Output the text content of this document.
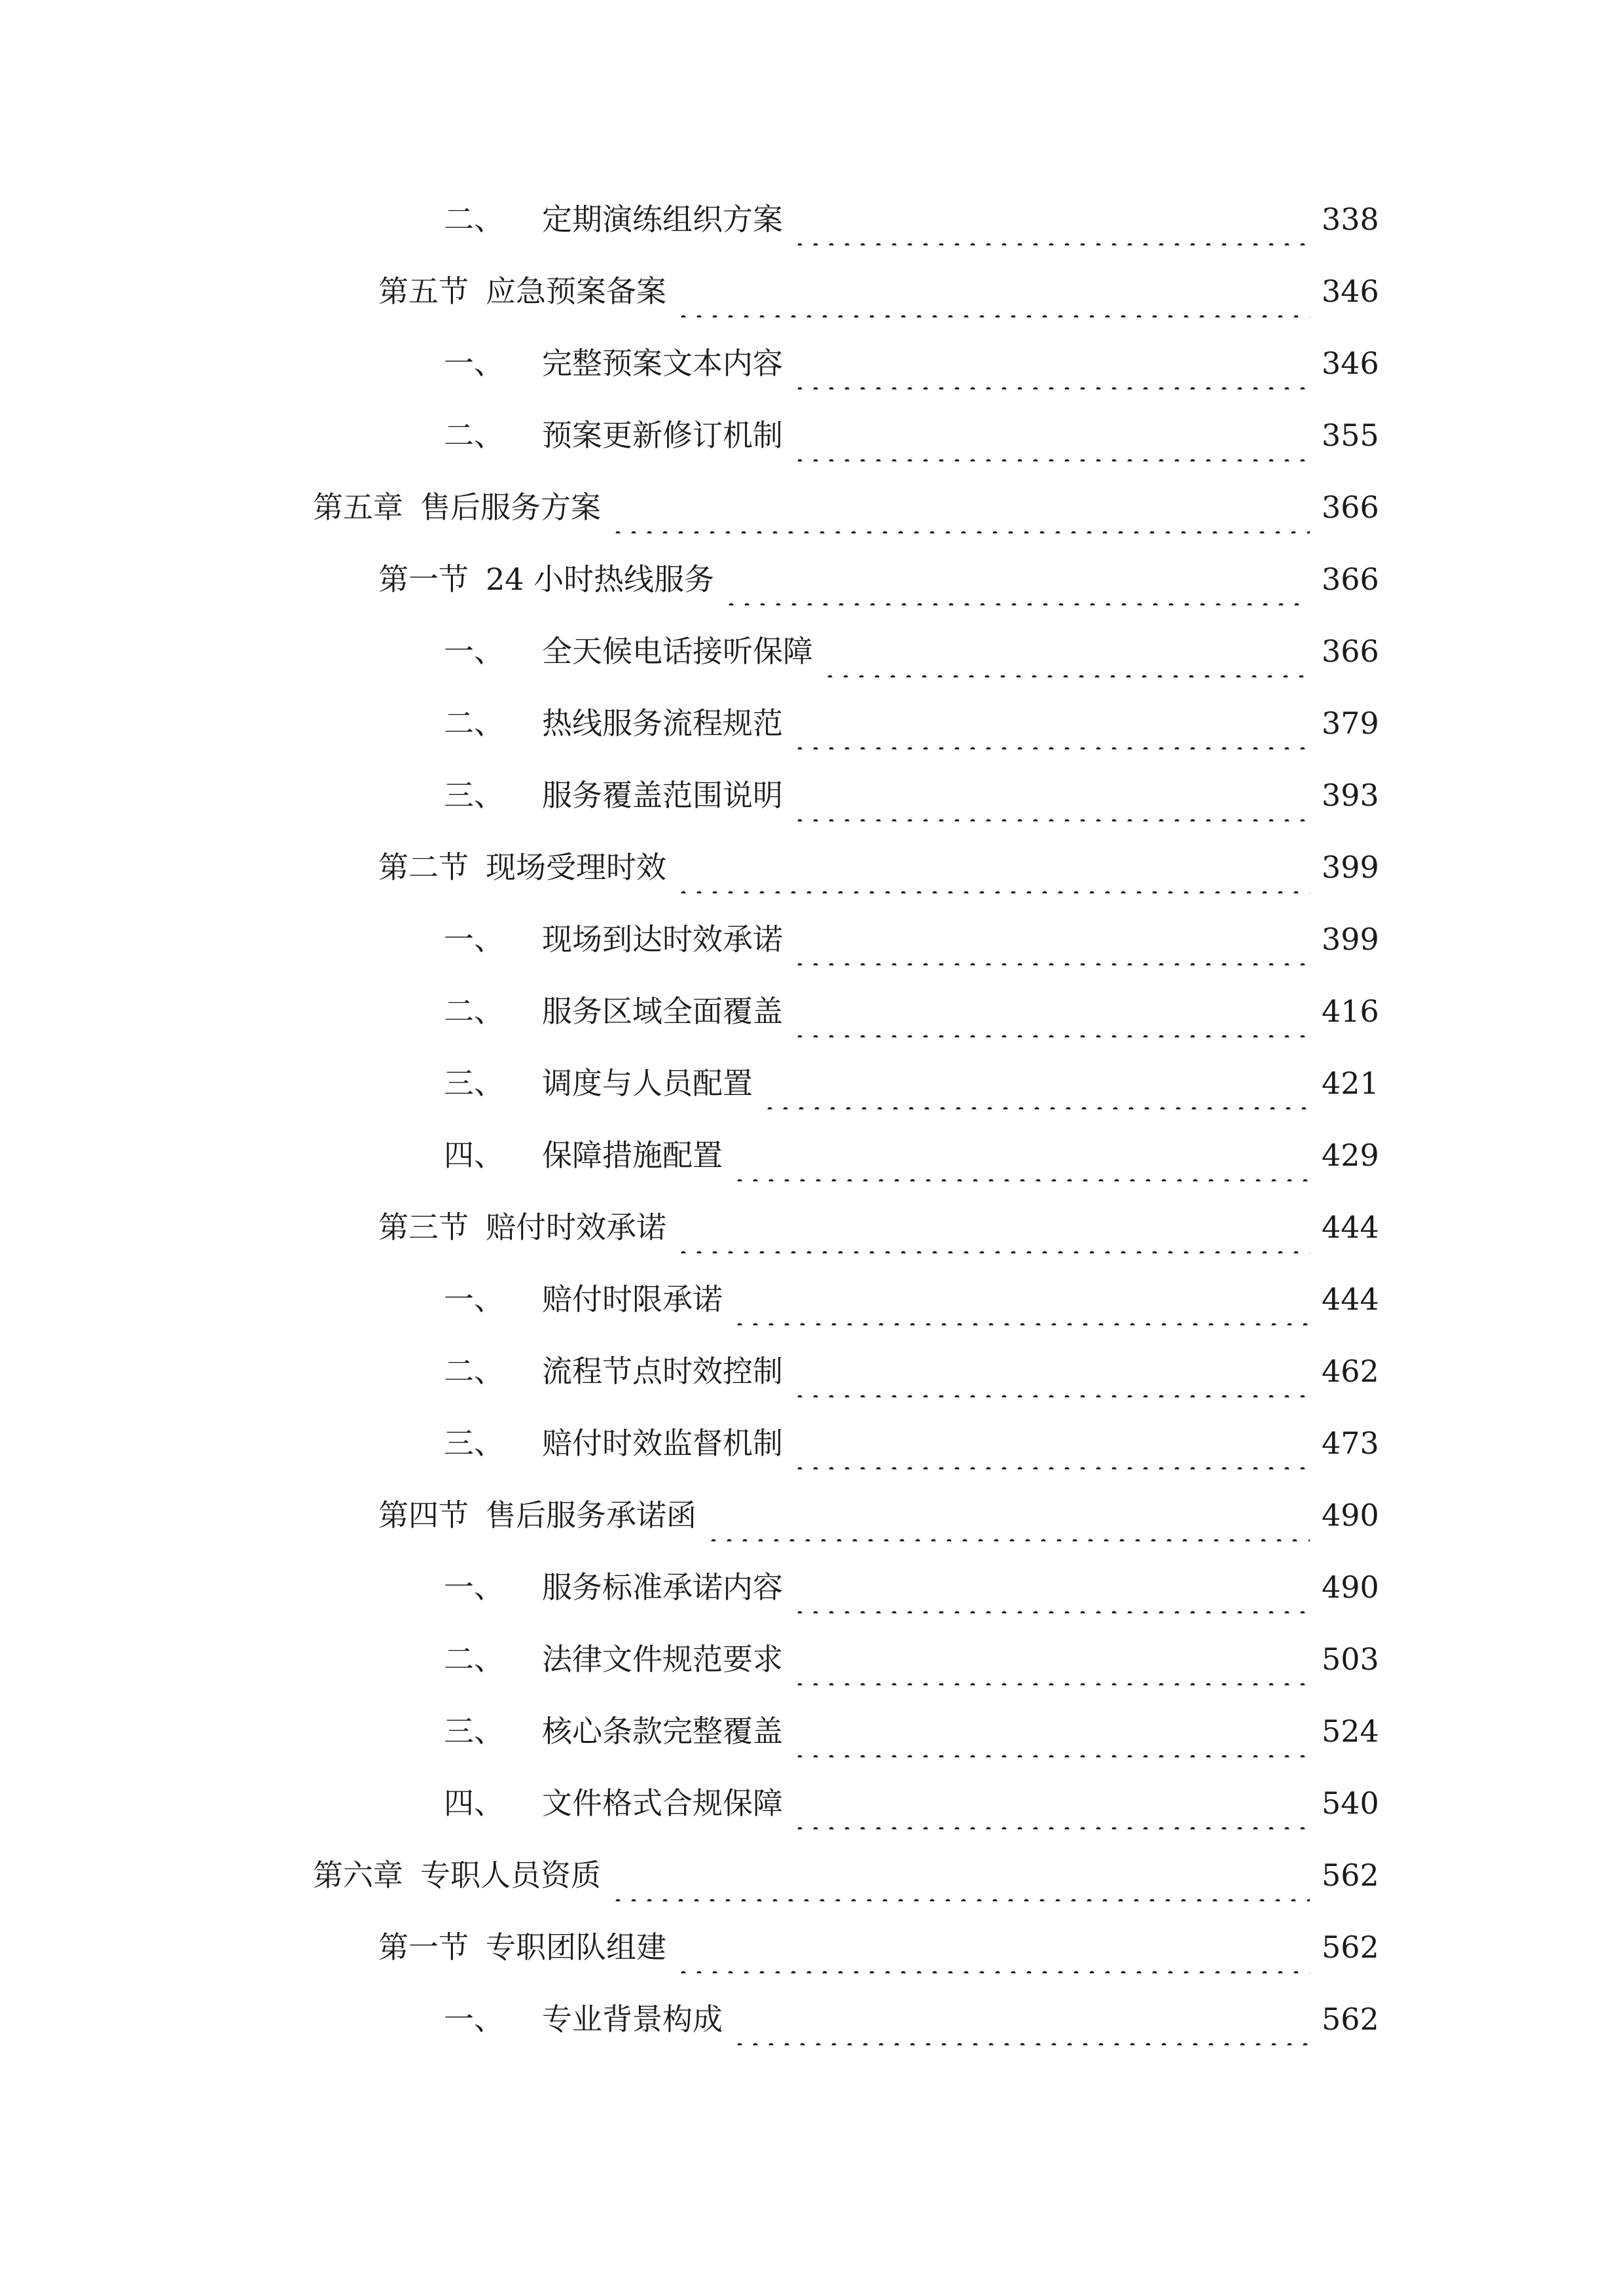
二、	定期演练组织方案	338
第五节 应急预案备案	346
一、	完整预案文本内容	346
二、	预案更新修订机制	355
第五章 售后服务方案	366
第一节 24 小时热线服务	366
一、	全天候电话接听保障	366
二、	热线服务流程规范	379
三、	服务覆盖范围说明	393
第二节 现场受理时效	399
一、	现场到达时效承诺	399
二、	服务区域全面覆盖	416
三、	调度与人员配置	421
四、	保障措施配置	429
第三节 赔付时效承诺	444
一、	赔付时限承诺	444
二、	流程节点时效控制	462
三、	赔付时效监督机制	473
第四节 售后服务承诺函	490
一、	服务标准承诺内容	490
二、	法律文件规范要求	503
三、	核心条款完整覆盖	524
四、	文件格式合规保障	540
第六章 专职人员资质	562
第一节 专职团队组建	562
一、	专业背景构成	562
